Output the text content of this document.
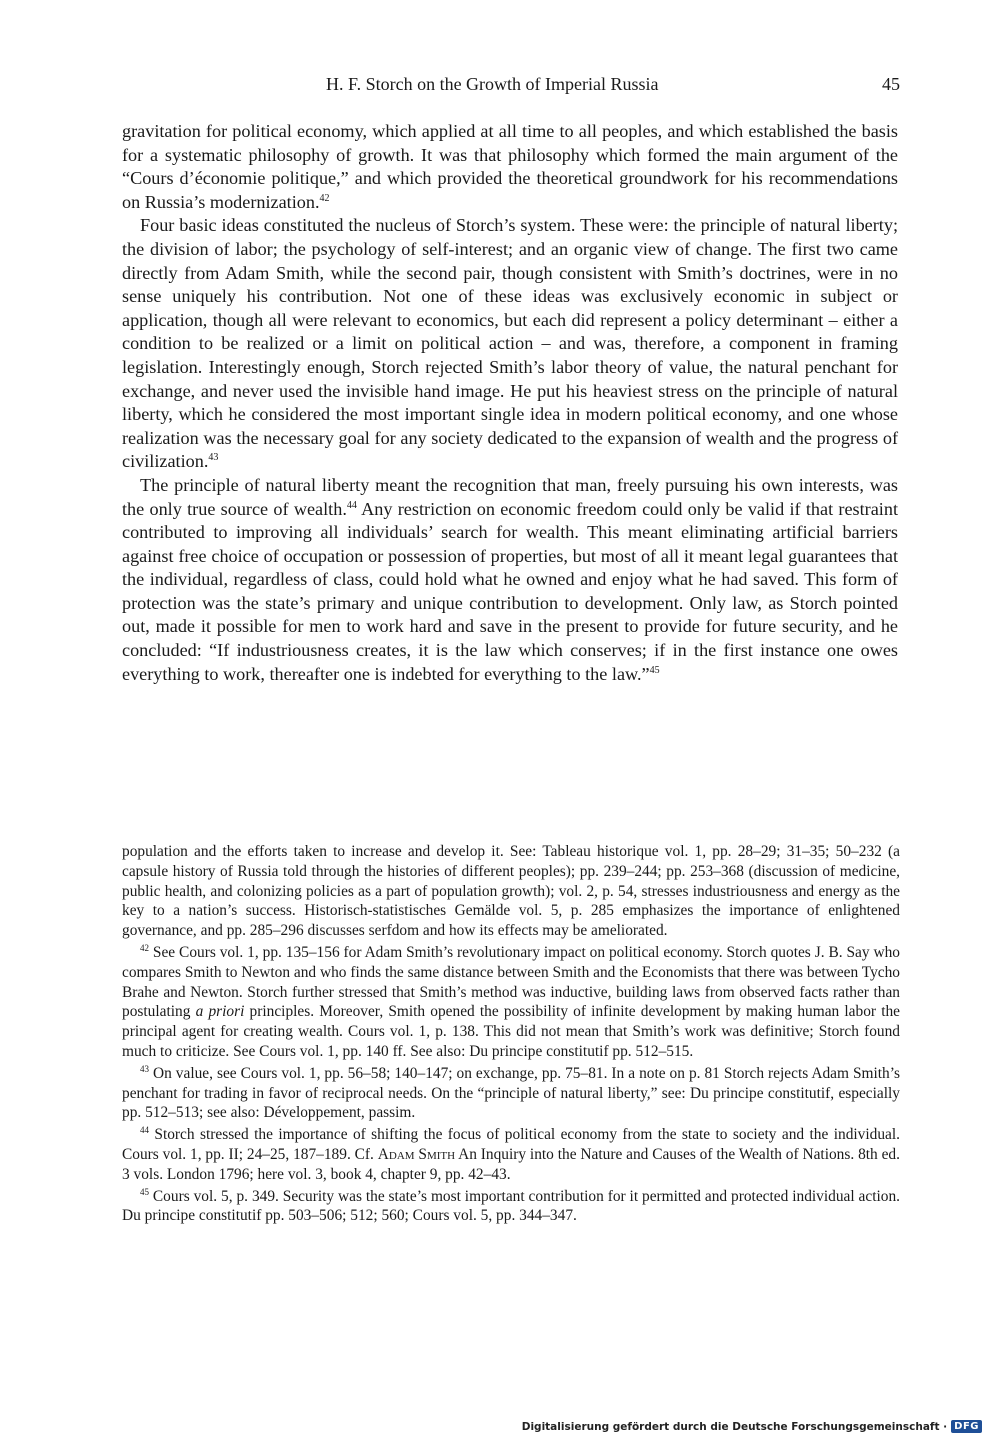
H. F. Storch on the Growth of Imperial Russia	45

gravitation for political economy, which applied at all time to all peoples, and which established the basis for a systematic philosophy of growth. It was that philosophy which formed the main argument of the “Cours d’économie politique,” and which provided the theoretical groundwork for his recommendations on Russia’s modernization.$^{42}$

Four basic ideas constituted the nucleus of Storch’s system. These were: the principle of natural liberty; the division of labor; the psychology of self-interest; and an organic view of change. The first two came directly from Adam Smith, while the second pair, though consistent with Smith’s doctrines, were in no sense uniquely his contribution. Not one of these ideas was exclusively economic in subject or application, though all were relevant to economics, but each did represent a policy determinant – either a condition to be realized or a limit on political action – and was, therefore, a component in framing legislation. Interestingly enough, Storch rejected Smith’s labor theory of value, the natural penchant for exchange, and never used the invisible hand image. He put his heaviest stress on the principle of natural liberty, which he considered the most important single idea in modern political economy, and one whose realization was the necessary goal for any society dedicated to the expansion of wealth and the progress of civilization.$^{43}$

The principle of natural liberty meant the recognition that man, freely pursuing his own interests, was the only true source of wealth.$^{44}$ Any restriction on economic freedom could only be valid if that restraint contributed to improving all individuals’ search for wealth. This meant eliminating artificial barriers against free choice of occupation or possession of properties, but most of all it meant legal guarantees that the individual, regardless of class, could hold what he owned and enjoy what he had saved. This form of protection was the state’s primary and unique contribution to development. Only law, as Storch pointed out, made it possible for men to work hard and save in the present to provide for future security, and he concluded: “If industriousness creates, it is the law which conserves; if in the first instance one owes everything to work, thereafter one is indebted for everything to the law.”$^{45}$

population and the efforts taken to increase and develop it. See: Tableau historique vol. 1, pp. 28–29; 31–35; 50–232 (a capsule history of Russia told through the histories of different peoples); pp. 239–244; pp. 253–368 (discussion of medicine, public health, and colonizing policies as a part of population growth); vol. 2, p. 54, stresses industriousness and energy as the key to a nation’s success. Historisch-statistisches Gemälde vol. 5, p. 285 emphasizes the importance of enlightened governance, and pp. 285–296 discusses serfdom and how its effects may be ameliorated.

$^{42}$ See Cours vol. 1, pp. 135–156 for Adam Smith’s revolutionary impact on political economy. Storch quotes J. B. Say who compares Smith to Newton and who finds the same distance between Smith and the Economists that there was between Tycho Brahe and Newton. Storch further stressed that Smith’s method was inductive, building laws from observed facts rather than postulating a priori principles. Moreover, Smith opened the possibility of infinite development by making human labor the principal agent for creating wealth. Cours vol. 1, p. 138. This did not mean that Smith’s work was definitive; Storch found much to criticize. See Cours vol. 1, pp. 140 ff. See also: Du principe constitutif pp. 512–515.

$^{43}$ On value, see Cours vol. 1, pp. 56–58; 140–147; on exchange, pp. 75–81. In a note on p. 81 Storch rejects Adam Smith’s penchant for trading in favor of reciprocal needs. On the “principle of natural liberty,” see: Du principe constitutif, especially pp. 512–513; see also: Développement, passim.

$^{44}$ Storch stressed the importance of shifting the focus of political economy from the state to society and the individual. Cours vol. 1, pp. II; 24–25, 187–189. Cf. Adam Smith An Inquiry into the Nature and Causes of the Wealth of Nations. 8th ed. 3 vols. London 1796; here vol. 3, book 4, chapter 9, pp. 42–43.

$^{45}$ Cours vol. 5, p. 349. Security was the state’s most important contribution for it permitted and protected individual action. Du principe constitutif pp. 503–506; 512; 560; Cours vol. 5, pp. 344–347.

Digitalisierung gefördert durch die Deutsche Forschungsgemeinschaft · DFG
